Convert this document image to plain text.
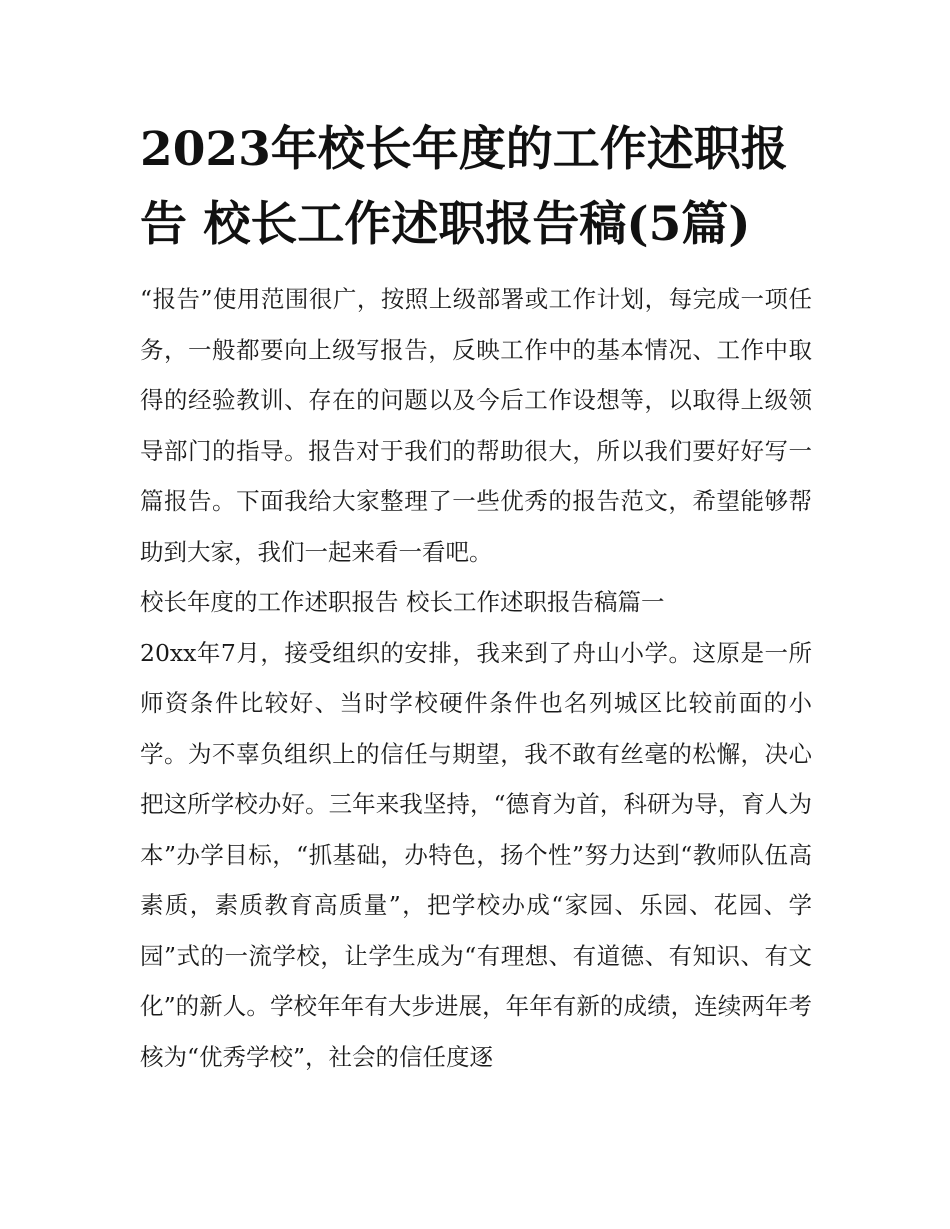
2023年校长年度的工作述职报告 校长工作述职报告稿(5篇)

“报告”使用范围很广，按照上级部署或工作计划，每完成一项任务，一般都要向上级写报告，反映工作中的基本情况、工作中取得的经验教训、存在的问题以及今后工作设想等，以取得上级领导部门的指导。报告对于我们的帮助很大，所以我们要好好写一篇报告。下面我给大家整理了一些优秀的报告范文，希望能够帮助到大家，我们一起来看一看吧。

校长年度的工作述职报告 校长工作述职报告稿篇一

20xx年7月，接受组织的安排，我来到了舟山小学。这原是一所师资条件比较好、当时学校硬件条件也名列城区比较前面的小学。为不辜负组织上的信任与期望，我不敢有丝毫的松懈，决心把这所学校办好。三年来我坚持，“德育为首，科研为导，育人为本”办学目标，“抓基础，办特色，扬个性”努力达到“教师队伍高素质，素质教育高质量”，把学校办成“家园、乐园、花园、学园”式的一流学校，让学生成为“有理想、有道德、有知识、有文化”的新人。学校年年有大步进展，年年有新的成绩，连续两年考核为“优秀学校”，社会的信任度逐
